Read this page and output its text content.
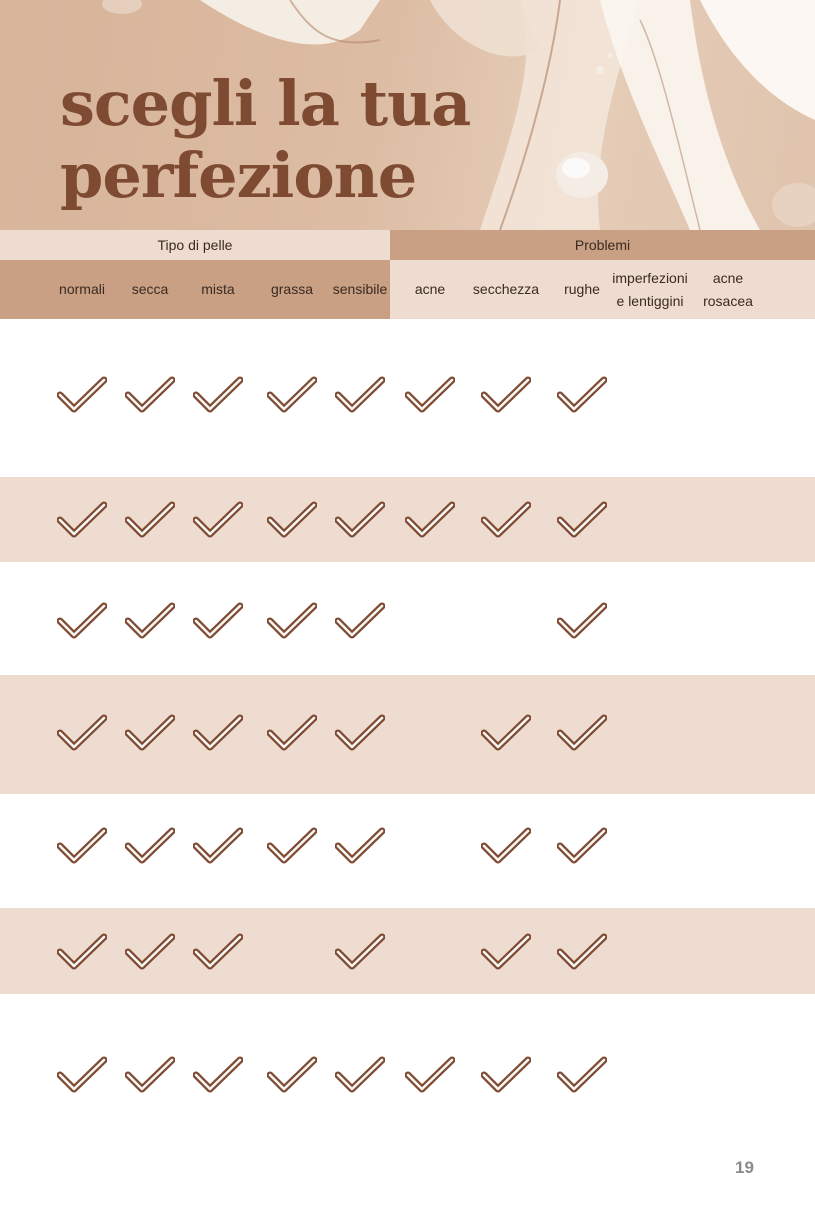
scegli la tua
perfezione
Tipo di pelle	Problemi
normali secca mista	grassa sensibile acne secchezza rughe
imperfezioni
e lentiggini
acne
rosacea
19
